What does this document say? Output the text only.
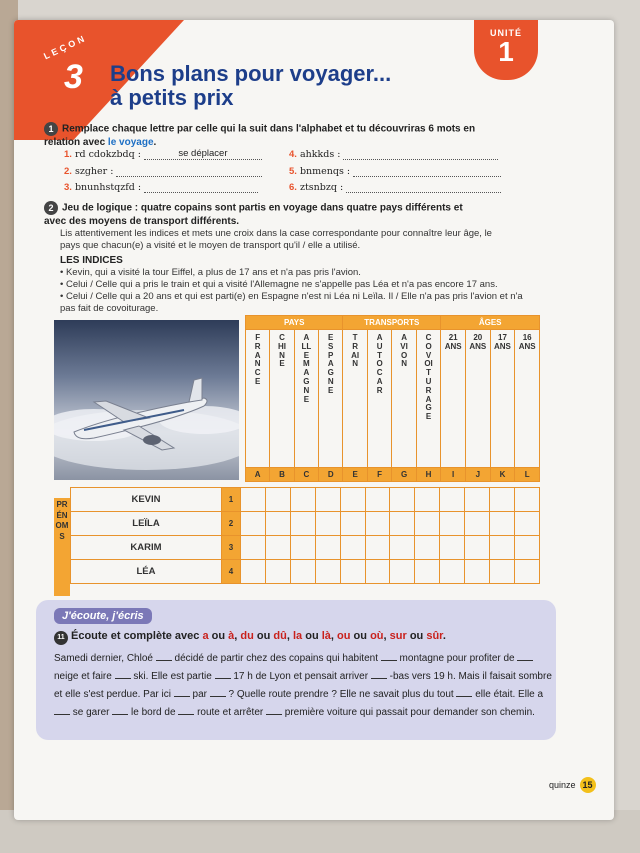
LEÇON
3
UNITÉ
1
Bons plans pour voyager...
à petits prix
1 Remplace chaque lettre par celle qui la suit dans l'alphabet et tu découvriras 6 mots en relation avec le voyage.
1. rd cdokzbdq :	se déplacer
2. szgher :
3. bnunhstqzfd :
4. ahkkds :
5. bnmenqs :
6. ztsnbzq :
2 Jeu de logique : quatre copains sont partis en voyage dans quatre pays différents et avec des moyens de transport différents.
Lis attentivement les indices et mets une croix dans la case correspondante pour connaître leur âge, le pays que chacun(e) a visité et le moyen de transport qu'il / elle a utilisé.
LES INDICES
• Kevin, qui a visité la tour Eiffel, a plus de 17 ans et n'a pas pris l'avion.
• Celui / Celle qui a pris le train et qui a visité l'Allemagne ne s'appelle pas Léa et n'a pas encore 17 ans.
• Celui / Celle qui a 20 ans et qui est parti(e) en Espagne n'est ni Léa ni Leïla. Il / Elle n'a pas pris l'avion et n'a pas fait de covoiturage.
PRÉNOMS
PAYS				TRANSPORTS				ÂGES			

FRANCE	CHINE	ALLEMAGNE	ESPAGNE	TRAIN	AUTOCAR	AVION	COVOITURAGE	21 ANS	20 ANS	17 ANS	16 ANS

A	B	C	D	E	F	G	H	I	J	K	L
KEVIN	1												
LEÏLA	2												
KARIM	3												
LÉA	4												
J'écoute, j'écris
11 Écoute et complète avec a ou à, du ou dû, la ou là, ou ou où, sur ou sûr.
Samedi dernier, Chloé  décidé de partir chez des copains qui habitent  montagne pour profiter de  neige et faire  ski. Elle est partie  17 h de Lyon et pensait arriver  -bas vers 19 h. Mais il faisait sombre et elle s'est perdue. Par ici  par  ? Quelle route prendre ? Elle ne savait plus du tout  elle était. Elle a  se garer  le bord de  route et arrêter  première voiture qui passait pour demander son chemin.
quinze 15
